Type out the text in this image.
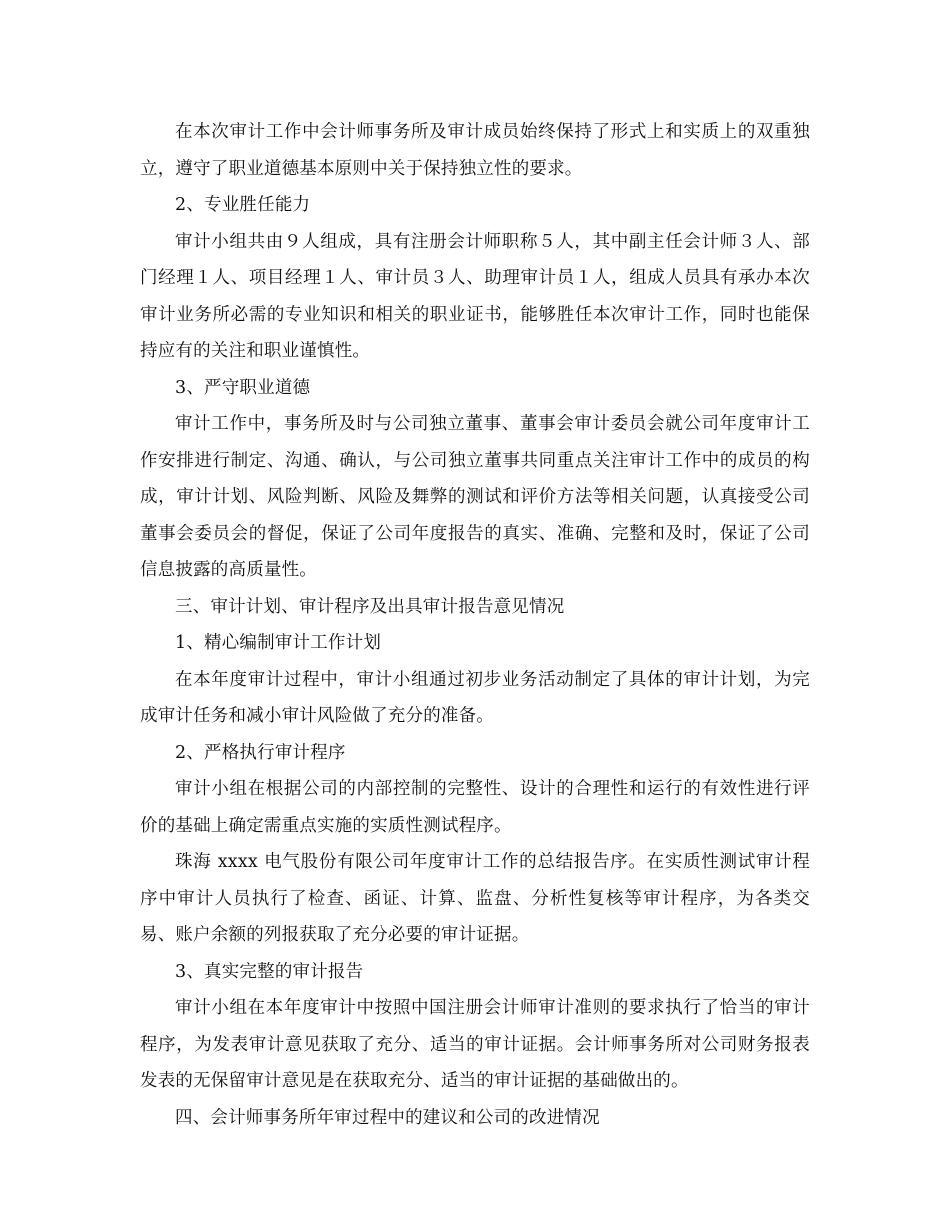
在本次审计工作中会计师事务所及审计成员始终保持了形式上和实质上的双重独立，遵守了职业道德基本原则中关于保持独立性的要求。

2、专业胜任能力

审计小组共由９人组成，具有注册会计师职称５人，其中副主任会计师３人、部门经理１人、项目经理１人、审计员３人、助理审计员１人，组成人员具有承办本次审计业务所必需的专业知识和相关的职业证书，能够胜任本次审计工作，同时也能保持应有的关注和职业谨慎性。

3、严守职业道德

审计工作中，事务所及时与公司独立董事、董事会审计委员会就公司年度审计工作安排进行制定、沟通、确认，与公司独立董事共同重点关注审计工作中的成员的构成，审计计划、风险判断、风险及舞弊的测试和评价方法等相关问题，认真接受公司董事会委员会的督促，保证了公司年度报告的真实、准确、完整和及时，保证了公司信息披露的高质量性。

三、审计计划、审计程序及出具审计报告意见情况

1、精心编制审计工作计划

在本年度审计过程中，审计小组通过初步业务活动制定了具体的审计计划，为完成审计任务和减小审计风险做了充分的准备。

2、严格执行审计程序

审计小组在根据公司的内部控制的完整性、设计的合理性和运行的有效性进行评价的基础上确定需重点实施的实质性测试程序。

珠海 xxxx 电气股份有限公司年度审计工作的总结报告序。在实质性测试审计程序中审计人员执行了检查、函证、计算、监盘、分析性复核等审计程序，为各类交易、账户余额的列报获取了充分必要的审计证据。

3、真实完整的审计报告

审计小组在本年度审计中按照中国注册会计师审计准则的要求执行了恰当的审计程序，为发表审计意见获取了充分、适当的审计证据。会计师事务所对公司财务报表发表的无保留审计意见是在获取充分、适当的审计证据的基础做出的。

四、会计师事务所年审过程中的建议和公司的改进情况
